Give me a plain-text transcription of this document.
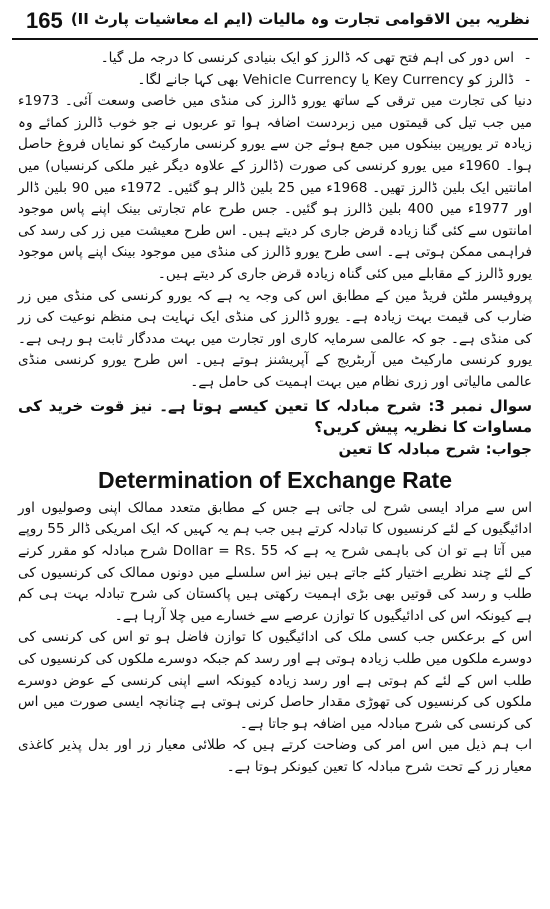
165 نظریہ بین الاقوامی تجارت وہ مالیات (ایم اے معاشیات پارٹ II)

- اس دور کی اہم فتح تھی کہ ڈالرز کو ایک بنیادی کرنسی کا درجہ مل گیا۔

- ڈالرز کو Key Currency یا Vehicle Currency بھی کہا جانے لگا۔

دنیا کی تجارت میں ترقی کے ساتھ یورو ڈالرز کی منڈی میں خاصی وسعت آئی۔ 1973ء میں جب تیل کی قیمتوں میں زبردست اضافہ ہوا تو عربوں نے جو خوب ڈالرز کمائے وہ زیادہ تر یورپین بینکوں میں جمع ہوئے جن سے یورو کرنسی مارکیٹ کو نمایاں فروغ حاصل ہوا۔ 1960ء میں یورو کرنسی کی صورت (ڈالرز کے علاوہ دیگر غیر ملکی کرنسیاں) میں امانتیں ایک بلین ڈالرز تھیں۔ 1968ء میں 25 بلین ڈالر ہو گئیں۔ 1972ء میں 90 بلین ڈالر اور 1977ء میں 400 بلین ڈالرز ہو گئیں۔ جس طرح عام تجارتی بینک اپنے پاس موجود امانتوں سے کئی گنا زیادہ قرض جاری کر دیتے ہیں۔ اس طرح معیشت میں زر کی رسد کی فراہمی ممکن ہوتی ہے۔ اسی طرح یورو ڈالرز کی منڈی میں موجود بینک اپنے پاس موجود یورو ڈالرز کے مقابلے میں کئی گناہ زیادہ قرض جاری کر دیتے ہیں۔

پروفیسر ملٹن فریڈ مین کے مطابق اس کی وجہ یہ ہے کہ یورو کرنسی کی منڈی میں زر ضارب کی قیمت بہت زیادہ ہے۔ یورو ڈالرز کی منڈی ایک نہایت ہی منظم نوعیت کی زر کی منڈی ہے۔ جو کہ عالمی سرمایہ کاری اور تجارت میں بہت مددگار ثابت ہو رہی ہے۔ یورو کرنسی مارکیٹ میں آربٹریج کے آپریشنز ہوتے ہیں۔ اس طرح یورو کرنسی منڈی عالمی مالیاتی اور زری نظام میں بہت اہمیت کی حامل ہے۔

سوال نمبر 3: شرح مبادلہ کا تعین کیسے ہوتا ہے۔ نیز قوت خرید کی مساوات کا نظریہ پیش کریں؟

جواب: شرح مبادلہ کا تعین

Determination of Exchange Rate

اس سے مراد ایسی شرح لی جاتی ہے جس کے مطابق متعدد ممالک اپنی وصولیوں اور ادائیگیوں کے لئے کرنسیوں کا تبادلہ کرتے ہیں جب ہم یہ کہیں کہ ایک امریکی ڈالر 55 روپے میں آتا ہے تو ان کی باہمی شرح یہ ہے کہ Dollar = Rs. 55 شرح مبادلہ کو مقرر کرنے کے لئے چند نظریے اختیار کئے جاتے ہیں نیز اس سلسلے میں دونوں ممالک کی کرنسیوں کی طلب و رسد کی قوتیں بھی بڑی اہمیت رکھتی ہیں پاکستان کی شرح تبادلہ بہت ہی کم ہے کیونکہ اس کی ادائیگیوں کا توازن عرصے سے خسارے میں چلا آرہا ہے۔

اس کے برعکس جب کسی ملک کی ادائیگیوں کا توازن فاضل ہو تو اس کی کرنسی کی دوسرے ملکوں میں طلب زیادہ ہوتی ہے اور رسد کم جبکہ دوسرے ملکوں کی کرنسیوں کی طلب اس کے لئے کم ہوتی ہے اور رسد زیادہ کیونکہ اسے اپنی کرنسی کے عوض دوسرے ملکوں کی کرنسیوں کی تھوڑی مقدار حاصل کرنی ہوتی ہے چنانچہ ایسی صورت میں اس کی کرنسی کی شرح مبادلہ میں اضافہ ہو جاتا ہے۔

اب ہم ذیل میں اس امر کی وضاحت کرتے ہیں کہ طلائی معیار زر اور بدل پذیر کاغذی معیار زر کے تحت شرح مبادلہ کا تعین کیونکر ہوتا ہے۔
